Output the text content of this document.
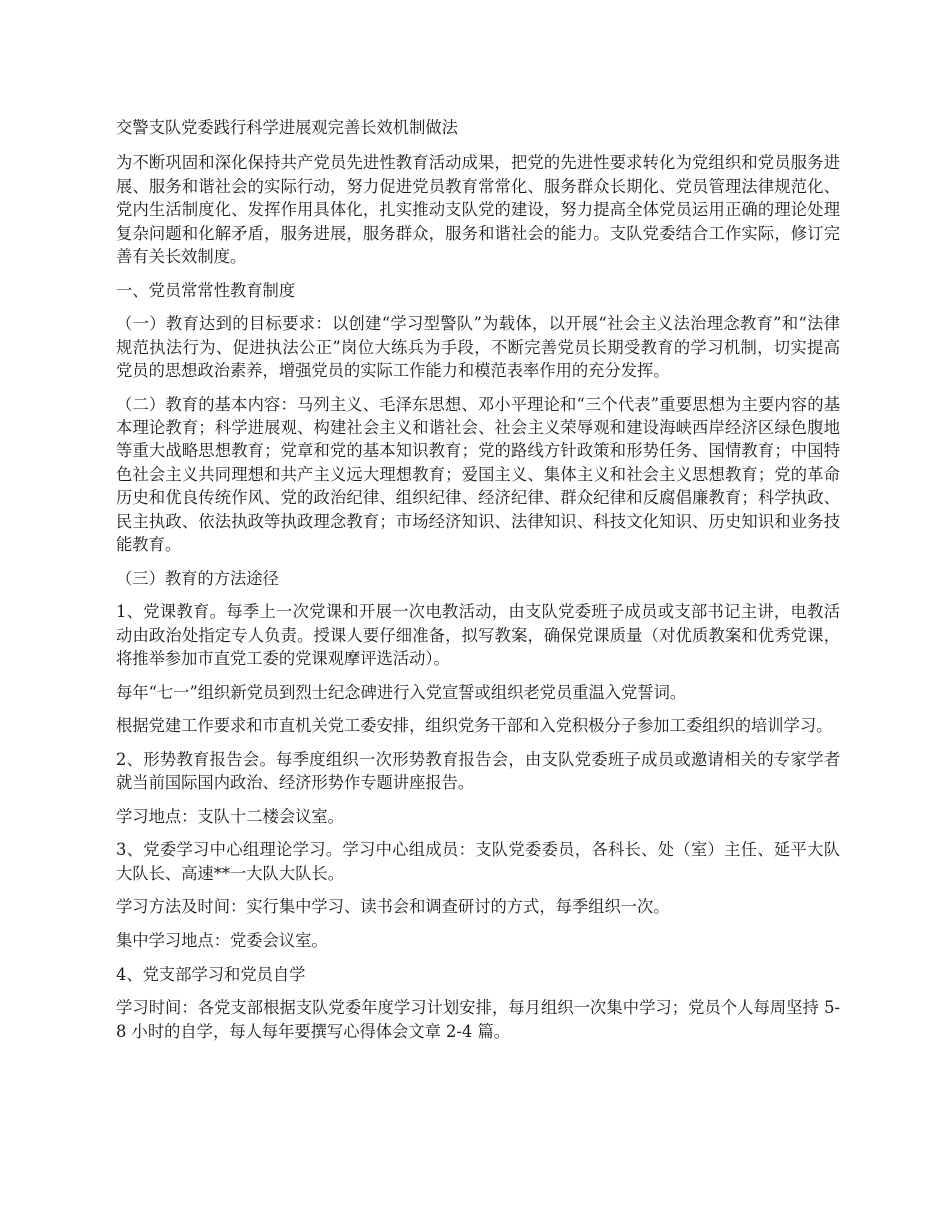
交警支队党委践行科学进展观完善长效机制做法

为不断巩固和深化保持共产党员先进性教育活动成果，把党的先进性要求转化为党组织和党员服务进展、服务和谐社会的实际行动，努力促进党员教育常常化、服务群众长期化、党员管理法律规范化、党内生活制度化、发挥作用具体化，扎实推动支队党的建设，努力提高全体党员运用正确的理论处理复杂问题和化解矛盾，服务进展，服务群众，服务和谐社会的能力。支队党委结合工作实际，修订完善有关长效制度。

一、党员常常性教育制度

（一）教育达到的目标要求：以创建“学习型警队”为载体，以开展“社会主义法治理念教育”和“法律规范执法行为、促进执法公正”岗位大练兵为手段，不断完善党员长期受教育的学习机制，切实提高党员的思想政治素养，增强党员的实际工作能力和模范表率作用的充分发挥。

（二）教育的基本内容：马列主义、毛泽东思想、邓小平理论和“三个代表”重要思想为主要内容的基本理论教育；科学进展观、构建社会主义和谐社会、社会主义荣辱观和建设海峡西岸经济区绿色腹地等重大战略思想教育；党章和党的基本知识教育；党的路线方针政策和形势任务、国情教育；中国特色社会主义共同理想和共产主义远大理想教育；爱国主义、集体主义和社会主义思想教育；党的革命历史和优良传统作风、党的政治纪律、组织纪律、经济纪律、群众纪律和反腐倡廉教育；科学执政、民主执政、依法执政等执政理念教育；市场经济知识、法律知识、科技文化知识、历史知识和业务技能教育。

（三）教育的方法途径

1、党课教育。每季上一次党课和开展一次电教活动，由支队党委班子成员或支部书记主讲，电教活动由政治处指定专人负责。授课人要仔细准备，拟写教案，确保党课质量（对优质教案和优秀党课，将推举参加市直党工委的党课观摩评选活动）。

每年“七一”组织新党员到烈士纪念碑进行入党宣誓或组织老党员重温入党誓词。

根据党建工作要求和市直机关党工委安排，组织党务干部和入党积极分子参加工委组织的培训学习。

2、形势教育报告会。每季度组织一次形势教育报告会，由支队党委班子成员或邀请相关的专家学者就当前国际国内政治、经济形势作专题讲座报告。

学习地点：支队十二楼会议室。

3、党委学习中心组理论学习。学习中心组成员：支队党委委员，各科长、处（室）主任、延平大队大队长、高速**一大队大队长。

学习方法及时间：实行集中学习、读书会和调查研讨的方式，每季组织一次。

集中学习地点：党委会议室。

4、党支部学习和党员自学

学习时间：各党支部根据支队党委年度学习计划安排，每月组织一次集中学习；党员个人每周坚持 5-8 小时的自学，每人每年要撰写心得体会文章 2-4 篇。
